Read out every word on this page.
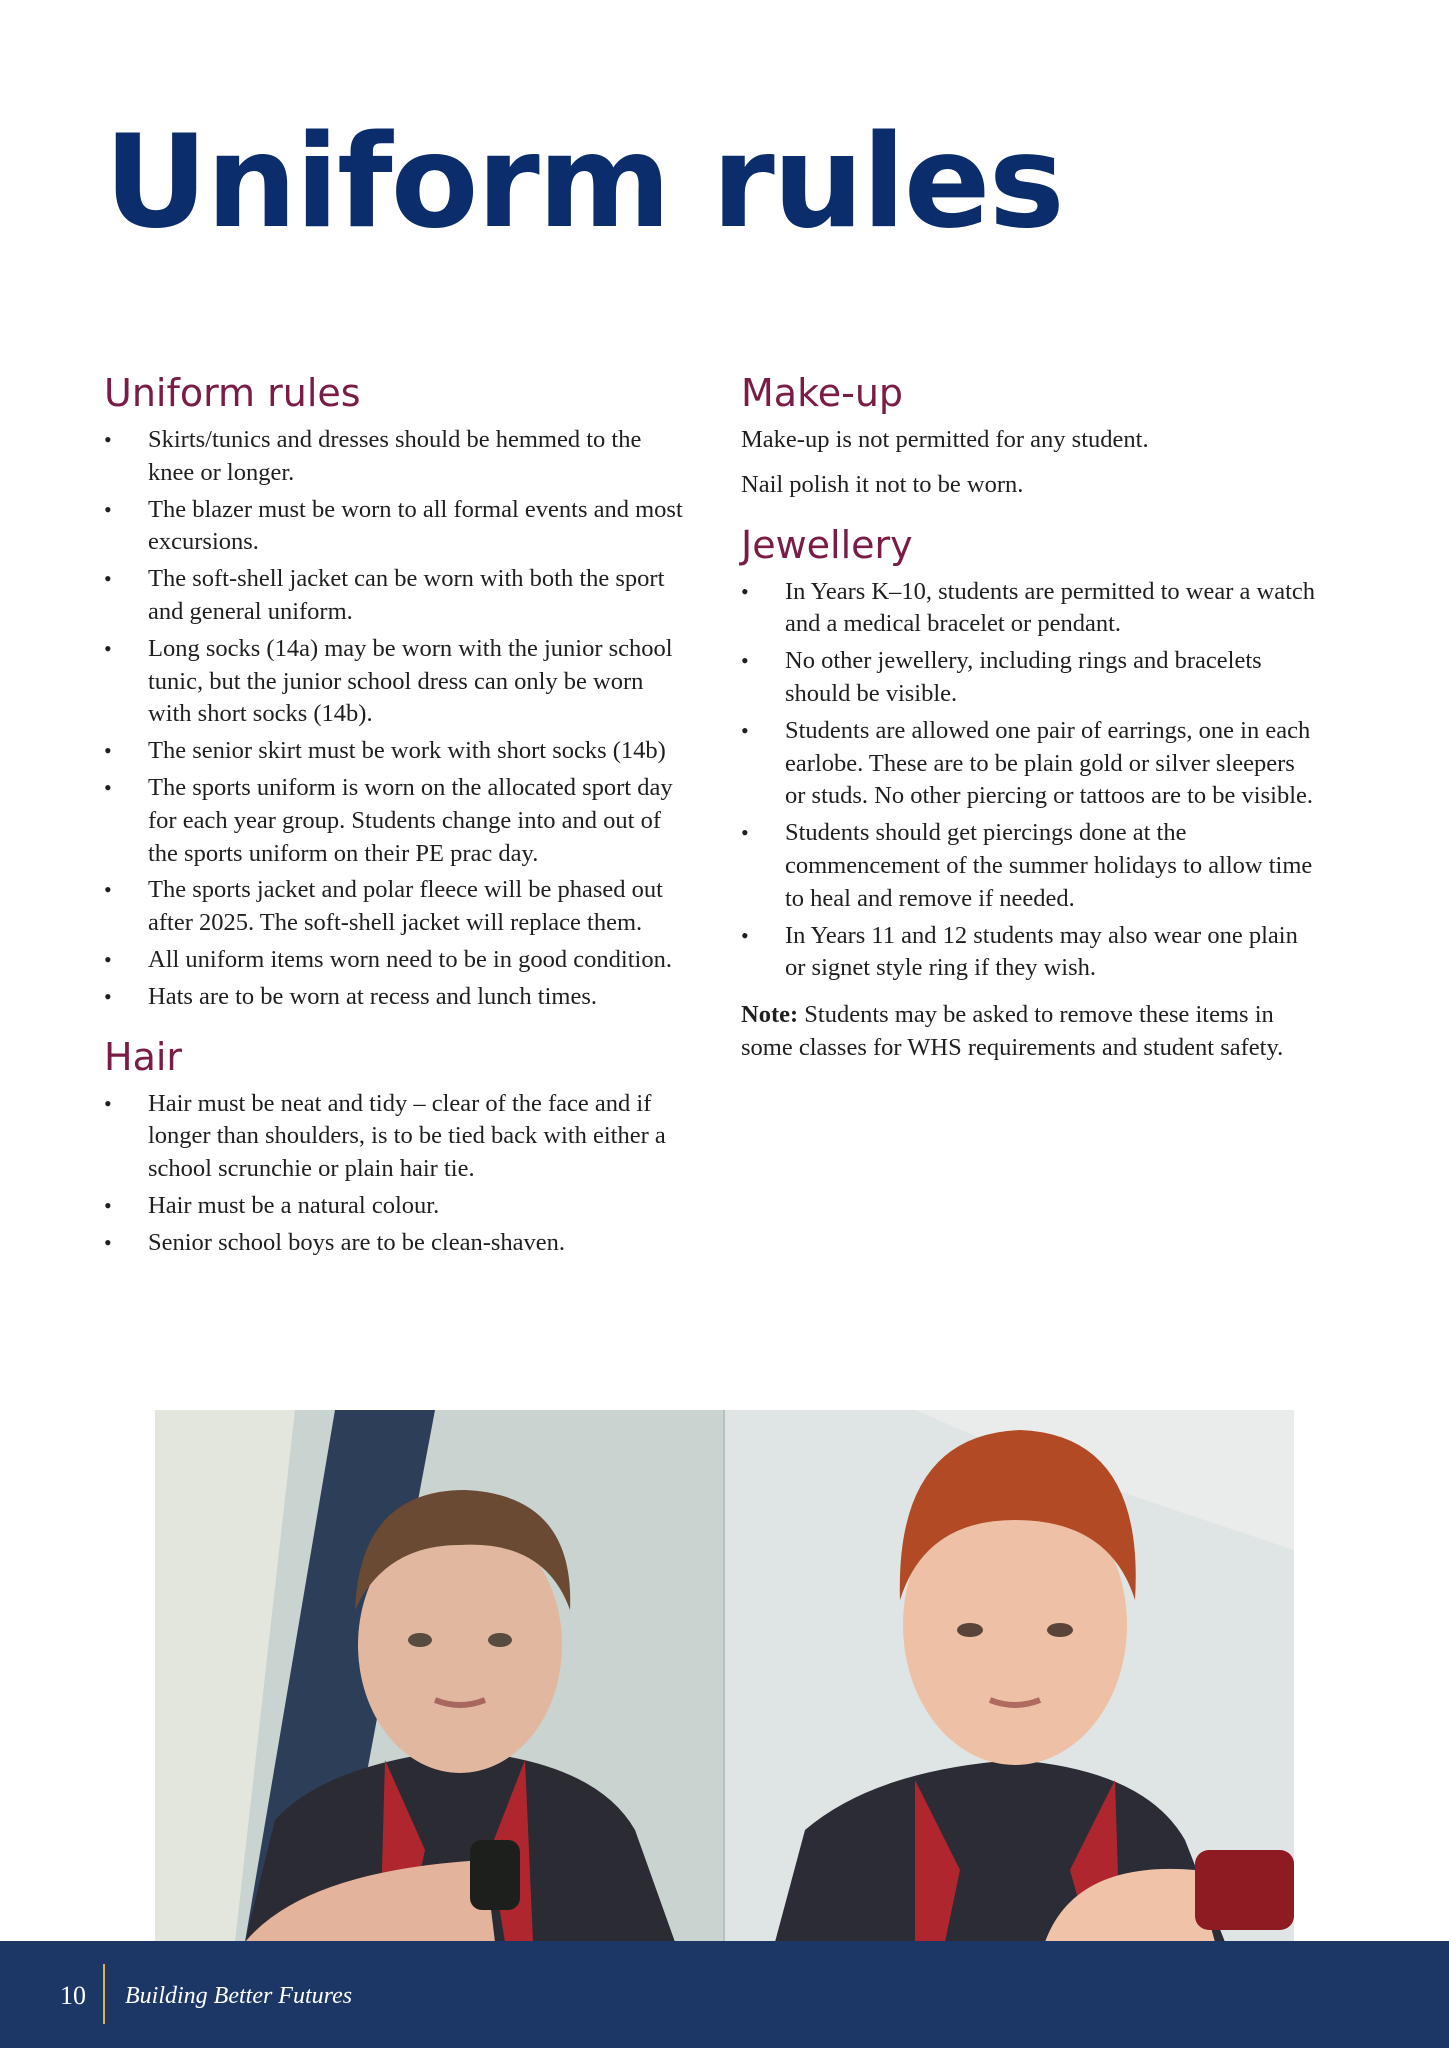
Uniform rules
Uniform rules
• Skirts/tunics and dresses should be hemmed to the knee or longer.
• The blazer must be worn to all formal events and most excursions.
• The soft-shell jacket can be worn with both the sport and general uniform.
• Long socks (14a) may be worn with the junior school tunic, but the junior school dress can only be worn with short socks (14b).
• The senior skirt must be work with short socks (14b)
• The sports uniform is worn on the allocated sport day for each year group. Students change into and out of the sports uniform on their PE prac day.
• The sports jacket and polar fleece will be phased out after 2025. The soft-shell jacket will replace them.
• All uniform items worn need to be in good condition.
• Hats are to be worn at recess and lunch times.
Hair
• Hair must be neat and tidy – clear of the face and if longer than shoulders, is to be tied back with either a school scrunchie or plain hair tie.
• Hair must be a natural colour.
• Senior school boys are to be clean-shaven.
Make-up

Make-up is not permitted for any student.

Nail polish it not to be worn.

Jewellery
• In Years K–10, students are permitted to wear a watch and a medical bracelet or pendant.
• No other jewellery, including rings and bracelets should be visible.
• Students are allowed one pair of earrings, one in each earlobe. These are to be plain gold or silver sleepers or studs. No other piercing or tattoos are to be visible.
• Students should get piercings done at the commencement of the summer holidays to allow time to heal and remove if needed.
• In Years 11 and 12 students may also wear one plain or signet style ring if they wish.

Note: Students may be asked to remove these items in some classes for WHS requirements and student safety.

10 Building Better Futures
